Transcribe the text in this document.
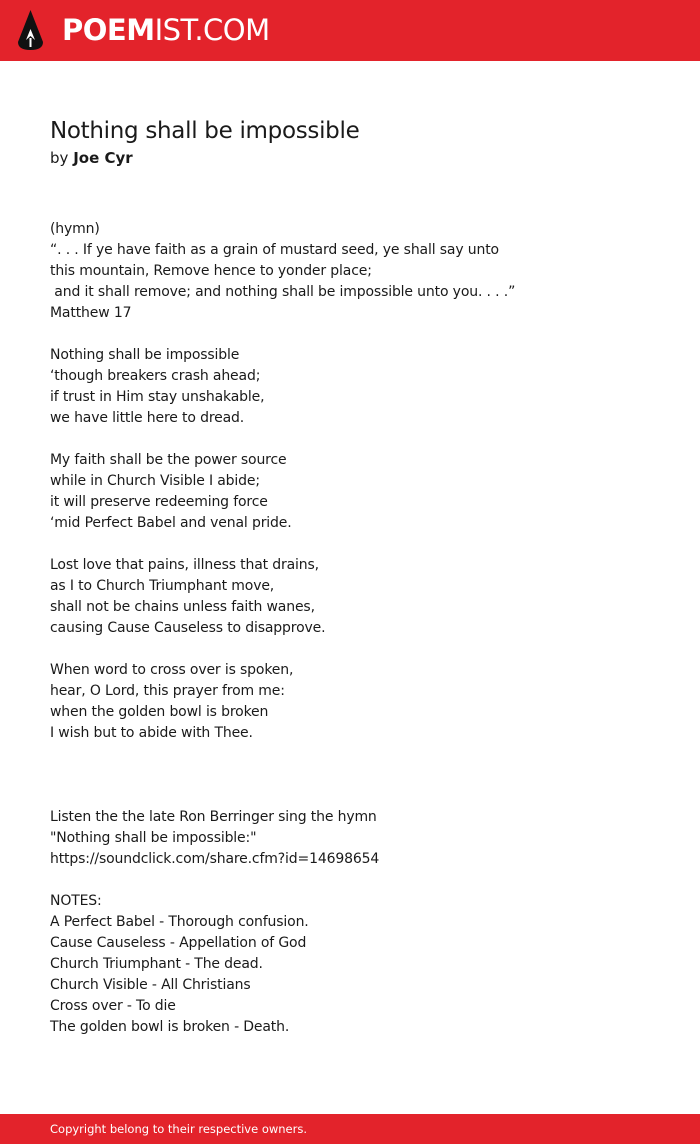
POEMIST.COM
Nothing shall be impossible
by Joe Cyr
(hymn)
“. . . If ye have faith as a grain of mustard seed, ye shall say unto
this mountain, Remove hence to yonder place;
and it shall remove; and nothing shall be impossible unto you. . . .”
Matthew 17
Nothing shall be impossible
‘though breakers crash ahead;
if trust in Him stay unshakable,
we have little here to dread.
My faith shall be the power source
while in Church Visible I abide;
it will preserve redeeming force
‘mid Perfect Babel and venal pride.
Lost love that pains, illness that drains,
as I to Church Triumphant move,
shall not be chains unless faith wanes,
causing Cause Causeless to disapprove.
When word to cross over is spoken,
hear, O Lord, this prayer from me:
when the golden bowl is broken
I wish but to abide with Thee.

Listen the the late Ron Berringer sing the hymn
"Nothing shall be impossible:"
https://soundclick.com/share.cfm?id=14698654
NOTES:
A Perfect Babel - Thorough confusion.
Cause Causeless - Appellation of God
Church Triumphant - The dead.
Church Visible - All Christians
Cross over - To die
The golden bowl is broken - Death.
Copyright belong to their respective owners.
